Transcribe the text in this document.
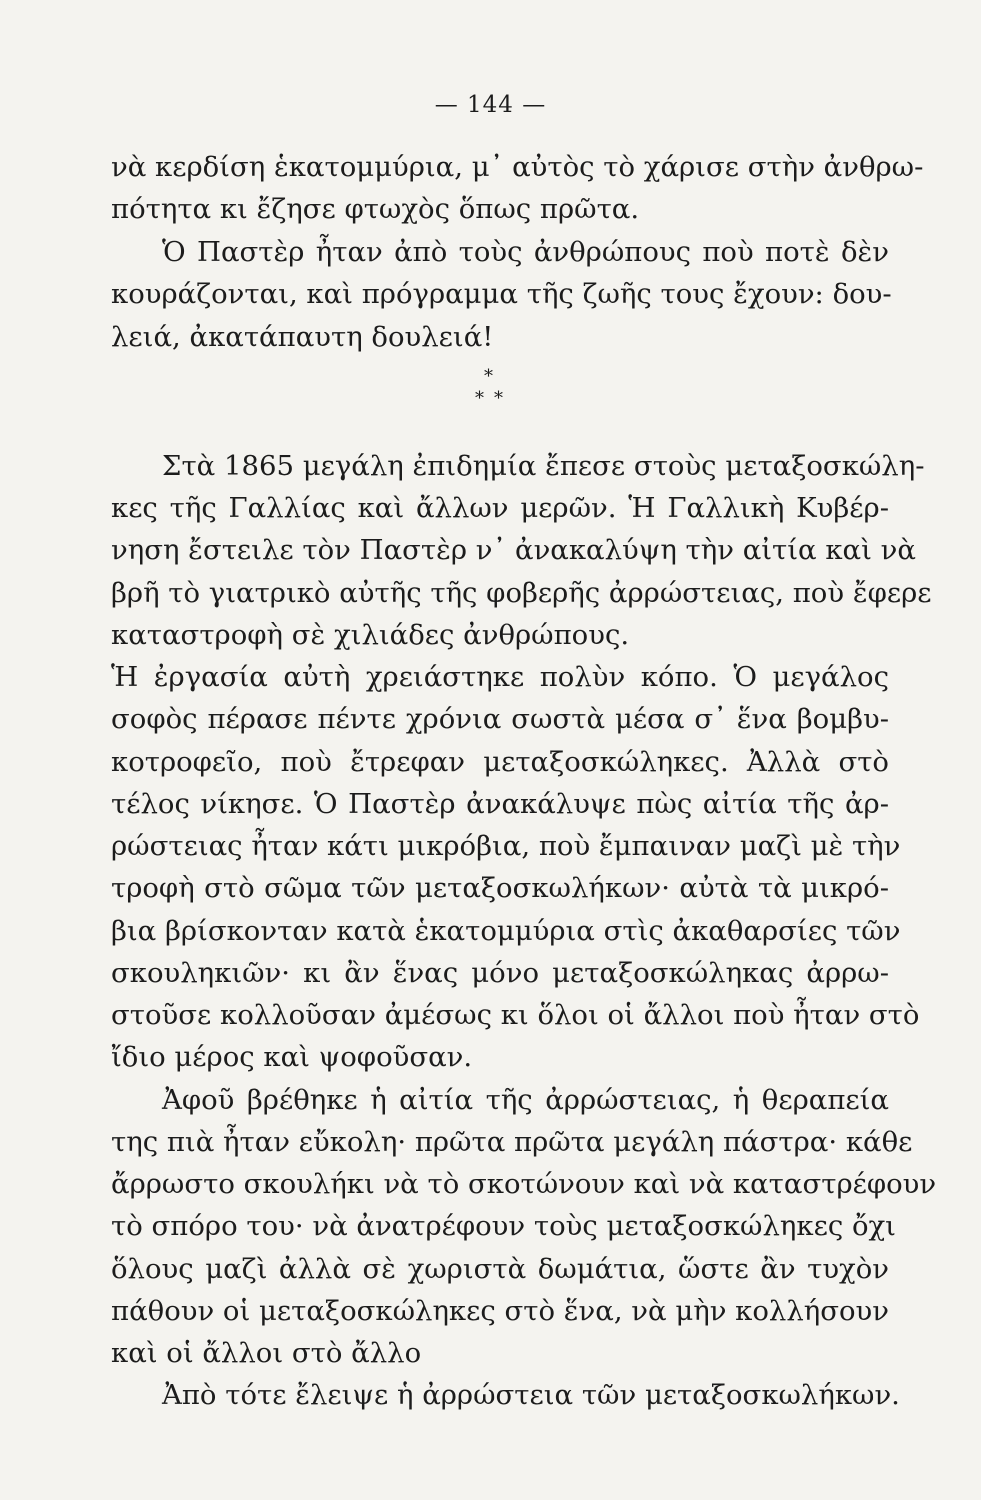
— 144 —
νὰ κερδίση ἑκατομμύρια, μ᾿ αὐτὸς τὸ χάρισε στὴν ἀνθρω-
πότητα κι ἔζησε φτωχὸς ὅπως πρῶτα.
Ὁ Παστὲρ ἦταν ἀπὸ τοὺς ἀνθρώπους ποὺ ποτὲ δὲν
κουράζονται, καὶ πρόγραμμα τῆς ζωῆς τους ἔχουν: δου-
λειά, ἀκατάπαυτη δουλειά!
*
* *
Στὰ 1865 μεγάλη ἐπιδημία ἔπεσε στοὺς μεταξοσκώλη-
κες τῆς Γαλλίας καὶ ἄλλων μερῶν. Ἡ Γαλλικὴ Κυβέρ-
νηση ἔστειλε τὸν Παστὲρ ν᾿ ἀνακαλύψη τὴν αἰτία καὶ νὰ
βρῆ τὸ γιατρικὸ αὐτῆς τῆς φοβερῆς ἀρρώστειας, ποὺ ἔφερε
καταστροφὴ σὲ χιλιάδες ἀνθρώπους.
Ἡ ἐργασία αὐτὴ χρειάστηκε πολὺν κόπο. Ὁ μεγάλος
σοφὸς πέρασε πέντε χρόνια σωστὰ μέσα σ᾿ ἕνα βομβυ-
κοτροφεῖο, ποὺ ἔτρεφαν μεταξοσκώληκες. Ἀλλὰ στὸ
τέλος νίκησε. Ὁ Παστὲρ ἀνακάλυψε πὼς αἰτία τῆς ἀρ-
ρώστειας ἦταν κάτι μικρόβια, ποὺ ἔμπαιναν μαζὶ μὲ τὴν
τροφὴ στὸ σῶμα τῶν μεταξοσκωλήκων· αὐτὰ τὰ μικρό-
βια βρίσκονταν κατὰ ἑκατομμύρια στὶς ἀκαθαρσίες τῶν
σκουληκιῶν· κι ἂν ἕνας μόνο μεταξοσκώληκας ἀρρω-
στοῦσε κολλοῦσαν ἀμέσως κι ὅλοι οἱ ἄλλοι ποὺ ἦταν στὸ
ἴδιο μέρος καὶ ψοφοῦσαν.
Ἀφοῦ βρέθηκε ἡ αἰτία τῆς ἀρρώστειας, ἡ θεραπεία
της πιὰ ἦταν εὔκολη· πρῶτα πρῶτα μεγάλη πάστρα· κάθε
ἄρρωστο σκουλήκι νὰ τὸ σκοτώνουν καὶ νὰ καταστρέφουν
τὸ σπόρο του· νὰ ἀνατρέφουν τοὺς μεταξοσκώληκες ὄχι
ὅλους μαζὶ ἀλλὰ σὲ χωριστὰ δωμάτια, ὥστε ἂν τυχὸν
πάθουν οἱ μεταξοσκώληκες στὸ ἕνα, νὰ μὴν κολλήσουν
καὶ οἱ ἄλλοι στὸ ἄλλο
Ἀπὸ τότε ἔλειψε ἡ ἀρρώστεια τῶν μεταξοσκωλήκων.
